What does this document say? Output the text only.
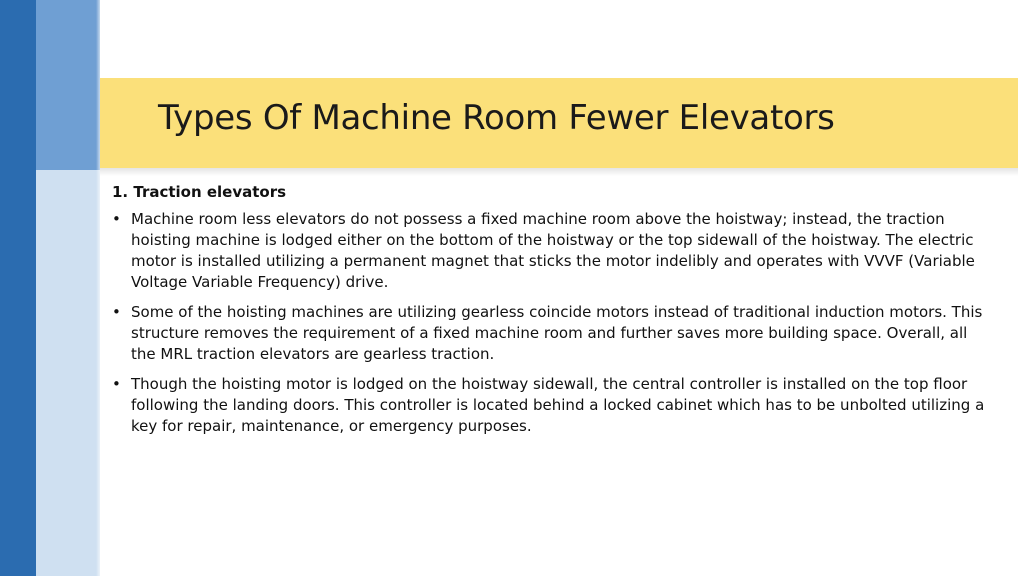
Types Of Machine Room Fewer Elevators

1. Traction elevators

• Machine room less elevators do not possess a fixed machine room above the hoistway; instead, the traction hoisting machine is lodged either on the bottom of the hoistway or the top sidewall of the hoistway. The electric motor is installed utilizing a permanent magnet that sticks the motor indelibly and operates with VVVF (Variable Voltage Variable Frequency) drive.
• Some of the hoisting machines are utilizing gearless coincide motors instead of traditional induction motors. This structure removes the requirement of a fixed machine room and further saves more building space. Overall, all the MRL traction elevators are gearless traction.
• Though the hoisting motor is lodged on the hoistway sidewall, the central controller is installed on the top floor following the landing doors. This controller is located behind a locked cabinet which has to be unbolted utilizing a key for repair, maintenance, or emergency purposes.
